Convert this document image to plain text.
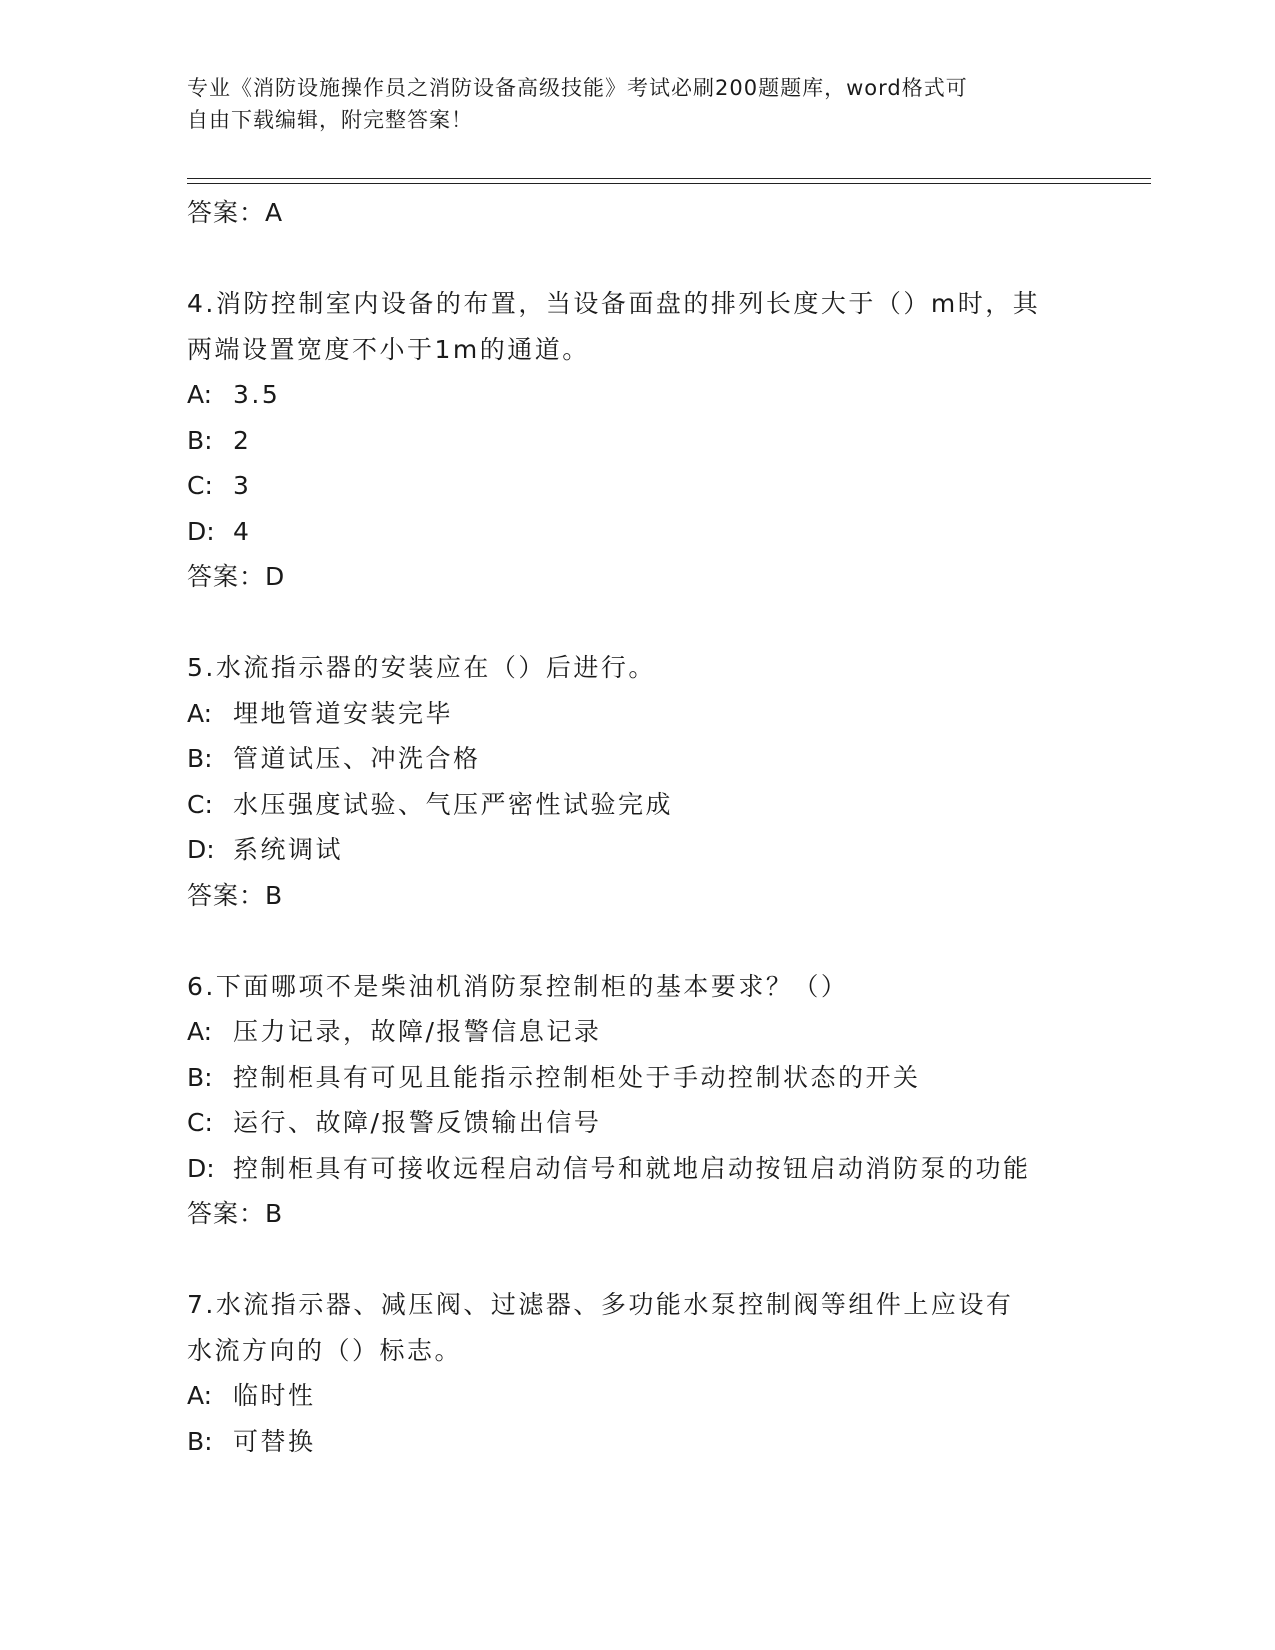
专业《消防设施操作员之消防设备高级技能》考试必刷200题题库，word格式可
自由下载编辑，附完整答案！
答案：A
4.消防控制室内设备的布置，当设备面盘的排列长度大于（）m时，其
两端设置宽度不小于1m的通道。
A: 3.5
B: 2
C: 3
D: 4
答案：D
5.水流指示器的安装应在（）后进行。
A: 埋地管道安装完毕
B: 管道试压、冲洗合格
C: 水压强度试验、气压严密性试验完成
D: 系统调试
答案：B
6.下面哪项不是柴油机消防泵控制柜的基本要求？（）
A: 压力记录，故障/报警信息记录
B: 控制柜具有可见且能指示控制柜处于手动控制状态的开关
C: 运行、故障/报警反馈输出信号
D: 控制柜具有可接收远程启动信号和就地启动按钮启动消防泵的功能
答案：B
7.水流指示器、减压阀、过滤器、多功能水泵控制阀等组件上应设有
水流方向的（）标志。
A: 临时性
B: 可替换
